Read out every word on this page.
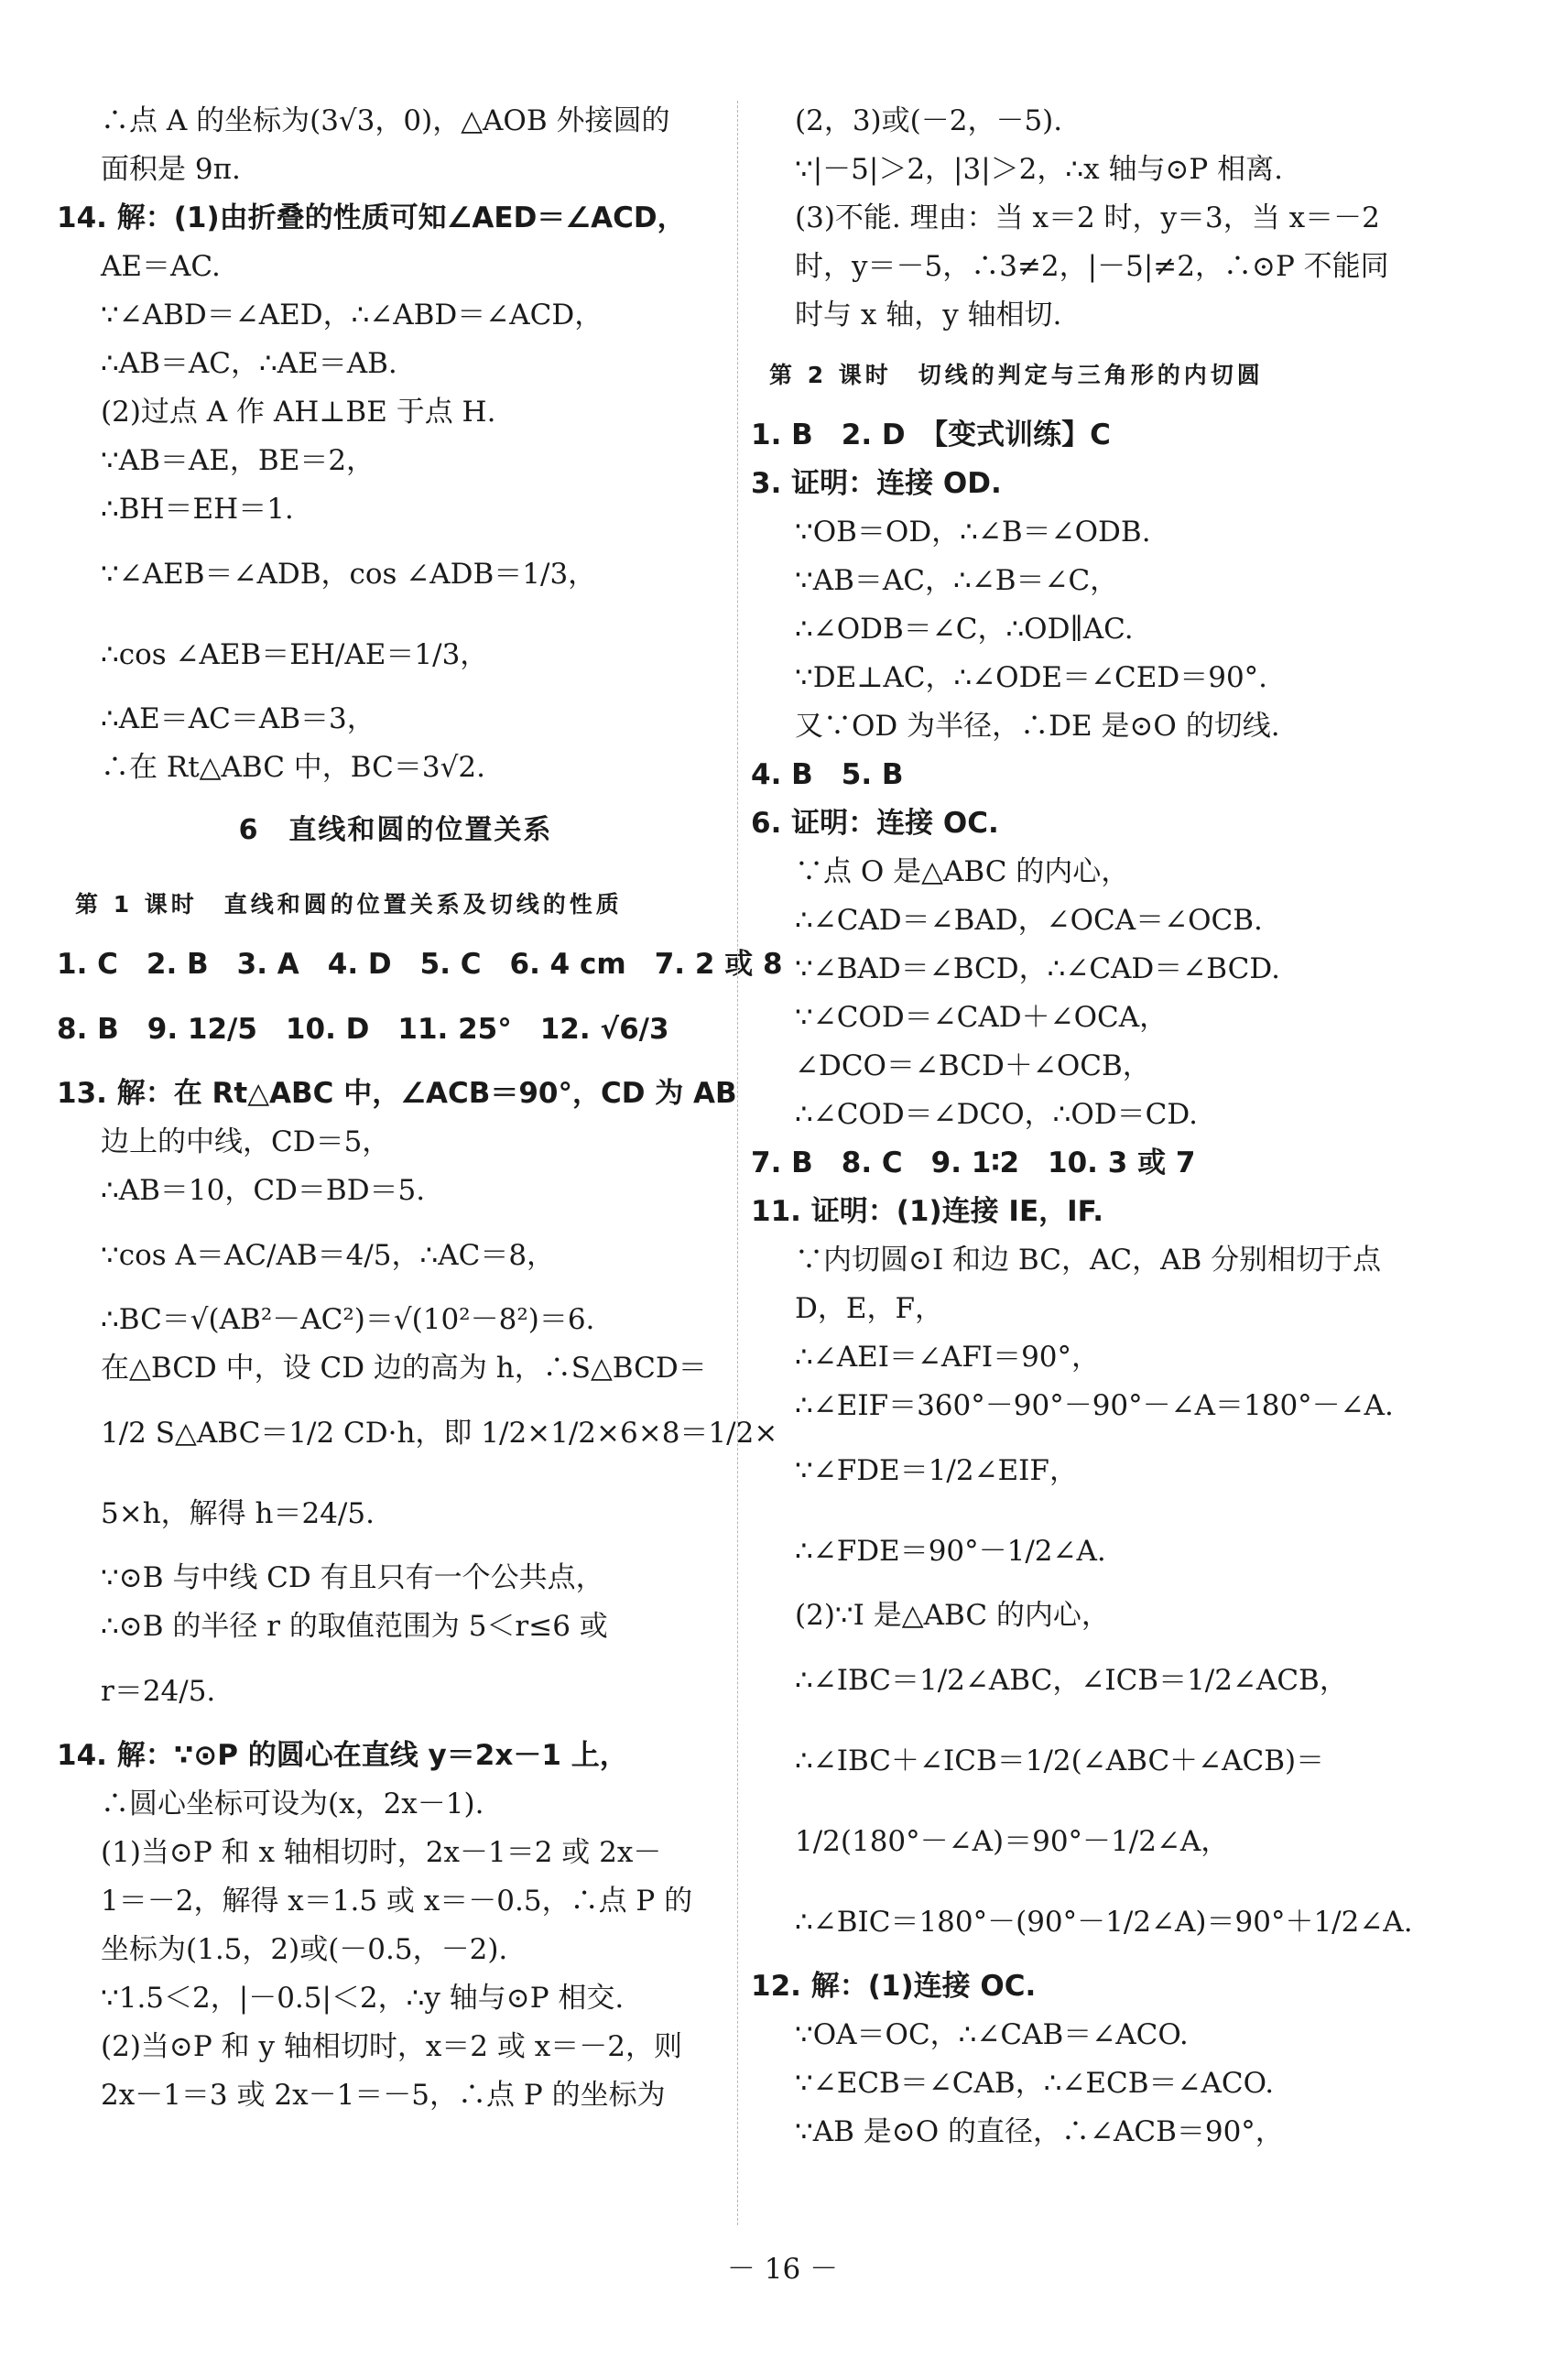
∴点 A 的坐标为(3√3，0)，△AOB 外接圆的

面积是 9π.

14. 解：(1)由折叠的性质可知∠AED＝∠ACD，

AE＝AC.

∵∠ABD＝∠AED，∴∠ABD＝∠ACD，

∴AB＝AC，∴AE＝AB.

(2)过点 A 作 AH⊥BE 于点 H.

∵AB＝AE，BE＝2，

∴BH＝EH＝1.

∵∠AEB＝∠ADB，cos ∠ADB＝1/3，

∴cos ∠AEB＝EH/AE＝1/3，

∴AE＝AC＝AB＝3，

∴在 Rt△ABC 中，BC＝3√2.

6　直线和圆的位置关系

第 1 课时　直线和圆的位置关系及切线的性质

1. C　2. B　3. A　4. D　5. C　6. 4 cm　7. 2 或 8

8. B　9. 12/5　10. D　11. 25°　12. √6/3

13. 解：在 Rt△ABC 中，∠ACB＝90°，CD 为 AB

边上的中线，CD＝5，

∴AB＝10，CD＝BD＝5.

∵cos A＝AC/AB＝4/5，∴AC＝8，

∴BC＝√(AB²－AC²)＝√(10²－8²)＝6.

在△BCD 中，设 CD 边的高为 h，∴S△BCD＝

1/2 S△ABC＝1/2 CD·h，即 1/2×1/2×6×8＝1/2×

5×h，解得 h＝24/5.

∵⊙B 与中线 CD 有且只有一个公共点，

∴⊙B 的半径 r 的取值范围为 5＜r≤6 或

r＝24/5.

14. 解：∵⊙P 的圆心在直线 y＝2x－1 上，

∴圆心坐标可设为(x，2x－1).

(1)当⊙P 和 x 轴相切时，2x－1＝2 或 2x－

1＝－2，解得 x＝1.5 或 x＝－0.5，∴点 P 的

坐标为(1.5，2)或(－0.5，－2).

∵1.5＜2，|－0.5|＜2，∴y 轴与⊙P 相交.

(2)当⊙P 和 y 轴相切时，x＝2 或 x＝－2，则

2x－1＝3 或 2x－1＝－5，∴点 P 的坐标为

(2，3)或(－2，－5).

∵|－5|＞2，|3|＞2，∴x 轴与⊙P 相离.

(3)不能. 理由：当 x＝2 时，y＝3，当 x＝－2

时，y＝－5，∴3≠2，|－5|≠2，∴⊙P 不能同

时与 x 轴，y 轴相切.

第 2 课时　切线的判定与三角形的内切圆

1. B　2. D　【变式训练】C

3. 证明：连接 OD.

∵OB＝OD，∴∠B＝∠ODB.

∵AB＝AC，∴∠B＝∠C，

∴∠ODB＝∠C，∴OD∥AC.

∵DE⊥AC，∴∠ODE＝∠CED＝90°.

又∵OD 为半径，∴DE 是⊙O 的切线.

4. B　5. B

6. 证明：连接 OC.

∵点 O 是△ABC 的内心，

∴∠CAD＝∠BAD，∠OCA＝∠OCB.

∵∠BAD＝∠BCD，∴∠CAD＝∠BCD.

∵∠COD＝∠CAD＋∠OCA，

∠DCO＝∠BCD＋∠OCB，

∴∠COD＝∠DCO，∴OD＝CD.

7. B　8. C　9. 1∶2　10. 3 或 7

11. 证明：(1)连接 IE，IF.

∵内切圆⊙I 和边 BC，AC，AB 分别相切于点

D，E，F，

∴∠AEI＝∠AFI＝90°，

∴∠EIF＝360°－90°－90°－∠A＝180°－∠A.

∵∠FDE＝1/2∠EIF，

∴∠FDE＝90°－1/2∠A.

(2)∵I 是△ABC 的内心，

∴∠IBC＝1/2∠ABC，∠ICB＝1/2∠ACB，

∴∠IBC＋∠ICB＝1/2(∠ABC＋∠ACB)＝

1/2(180°－∠A)＝90°－1/2∠A，

∴∠BIC＝180°－(90°－1/2∠A)＝90°＋1/2∠A.

12. 解：(1)连接 OC.

∵OA＝OC，∴∠CAB＝∠ACO.

∵∠ECB＝∠CAB，∴∠ECB＝∠ACO.

∵AB 是⊙O 的直径，∴∠ACB＝90°，

－ 16 －
